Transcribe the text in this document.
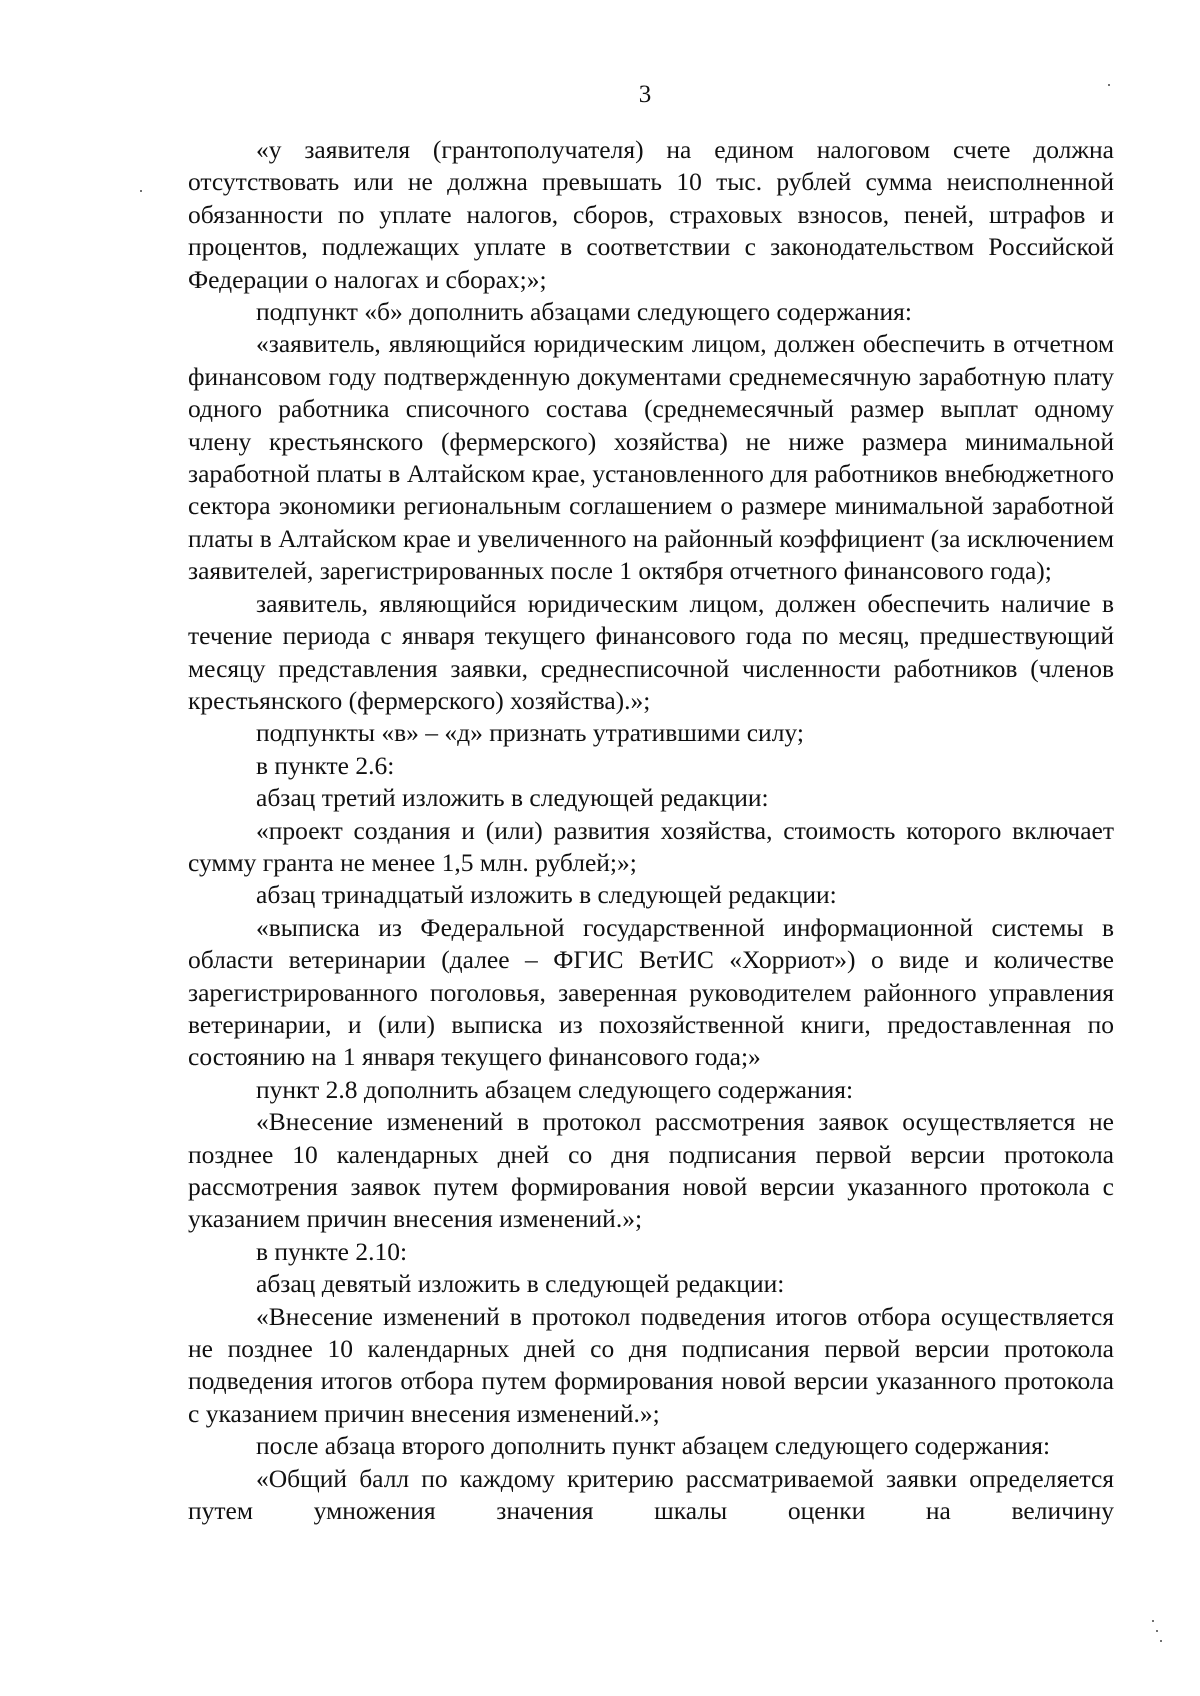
3

«у заявителя (грантополучателя) на едином налоговом счете должна отсутствовать или не должна превышать 10 тыс. рублей сумма неисполненной обязанности по уплате налогов, сборов, страховых взносов, пеней, штрафов и процентов, подлежащих уплате в соответствии с законодательством Российской Федерации о налогах и сборах;»;

подпункт «б» дополнить абзацами следующего содержания:

«заявитель, являющийся юридическим лицом, должен обеспечить в отчетном финансовом году подтвержденную документами среднемесячную заработную плату одного работника списочного состава (среднемесячный размер выплат одному члену крестьянского (фермерского) хозяйства) не ниже размера минимальной заработной платы в Алтайском крае, установленного для работников внебюджетного сектора экономики региональным соглашением о размере минимальной заработной платы в Алтайском крае и увеличенного на районный коэффициент (за исключением заявителей, зарегистрированных после 1 октября отчетного финансового года);

заявитель, являющийся юридическим лицом, должен обеспечить наличие в течение периода с января текущего финансового года по месяц, предшествующий месяцу представления заявки, среднесписочной численности работников (членов крестьянского (фермерского) хозяйства).»;

подпункты «в» – «д» признать утратившими силу;

в пункте 2.6:

абзац третий изложить в следующей редакции:

«проект создания и (или) развития хозяйства, стоимость которого включает сумму гранта не менее 1,5 млн. рублей;»;

абзац тринадцатый изложить в следующей редакции:

«выписка из Федеральной государственной информационной системы в области ветеринарии (далее – ФГИС ВетИС «Хорриот») о виде и количестве зарегистрированного поголовья, заверенная руководителем районного управления ветеринарии, и (или) выписка из похозяйственной книги, предоставленная по состоянию на 1 января текущего финансового года;»

пункт 2.8 дополнить абзацем следующего содержания:

«Внесение изменений в протокол рассмотрения заявок осуществляется не позднее 10 календарных дней со дня подписания первой версии протокола рассмотрения заявок путем формирования новой версии указанного протокола с указанием причин внесения изменений.»;

в пункте 2.10:

абзац девятый изложить в следующей редакции:

«Внесение изменений в протокол подведения итогов отбора осуществляется не позднее 10 календарных дней со дня подписания первой версии протокола подведения итогов отбора путем формирования новой версии указанного протокола с указанием причин внесения изменений.»;

после абзаца второго дополнить пункт абзацем следующего содержания:

«Общий балл по каждому критерию рассматриваемой заявки определяется путем умножения значения шкалы оценки на величину
